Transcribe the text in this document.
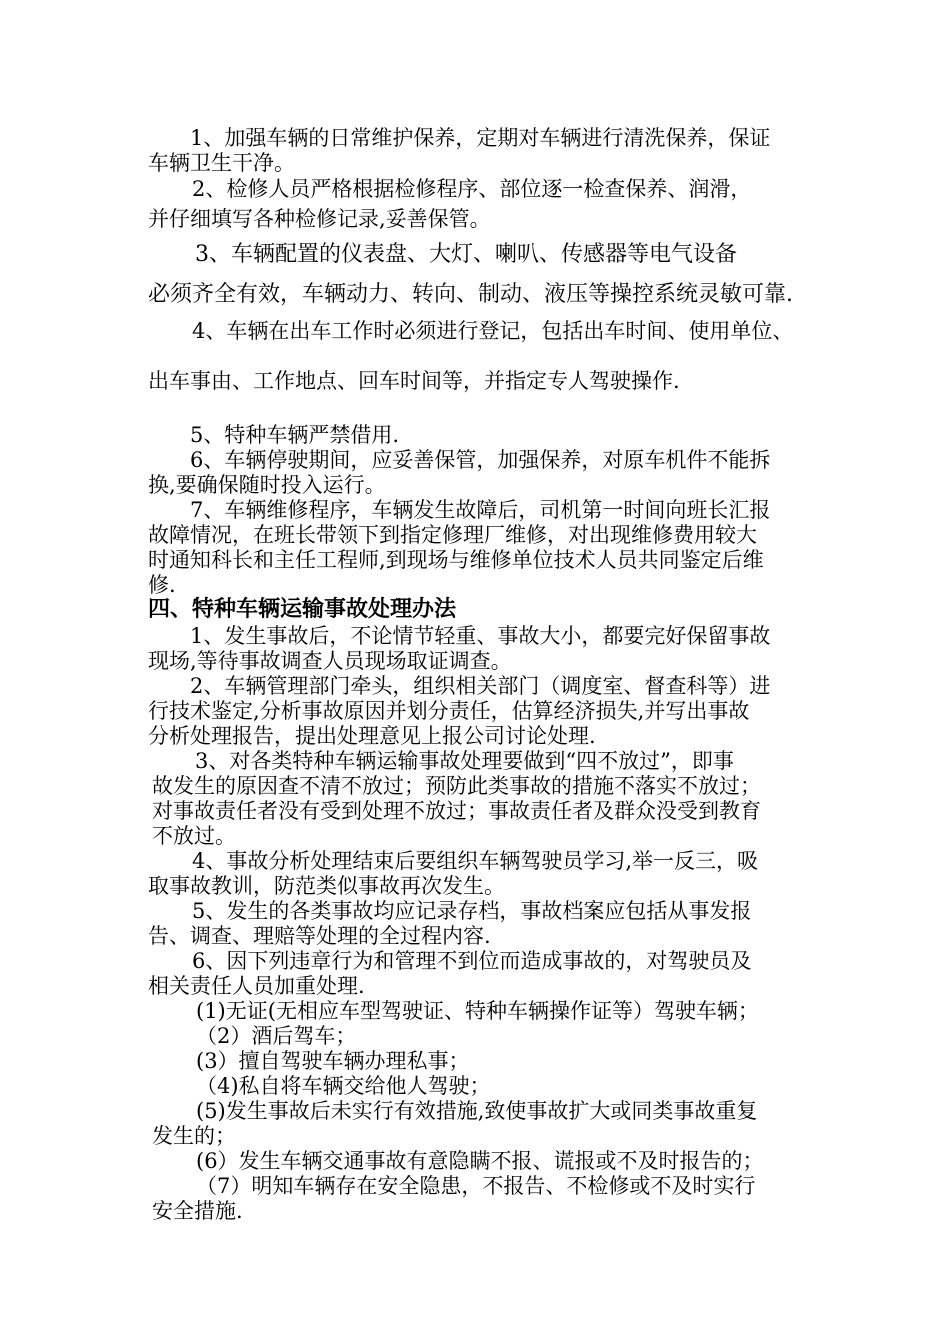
1、加强车辆的日常维护保养，定期对车辆进行清洗保养，保证

车辆卫生干净。

2、检修人员严格根据检修程序、部位逐一检查保养、润滑，

并仔细填写各种检修记录,妥善保管。

3、车辆配置的仪表盘、大灯、喇叭、传感器等电气设备

必须齐全有效，车辆动力、转向、制动、液压等操控系统灵敏可靠.

4、车辆在出车工作时必须进行登记，包括出车时间、使用单位、

出车事由、工作地点、回车时间等，并指定专人驾驶操作.

5、特种车辆严禁借用.

6、车辆停驶期间，应妥善保管，加强保养，对原车机件不能拆

换,要确保随时投入运行。

7、车辆维修程序，车辆发生故障后，司机第一时间向班长汇报

故障情况，在班长带领下到指定修理厂维修，对出现维修费用较大

时通知科长和主任工程师,到现场与维修单位技术人员共同鉴定后维

修.

四、特种车辆运输事故处理办法

1、发生事故后，不论情节轻重、事故大小，都要完好保留事故

现场,等待事故调查人员现场取证调查。

2、车辆管理部门牵头，组织相关部门（调度室、督查科等）进

行技术鉴定,分析事故原因并划分责任，估算经济损失,并写出事故

分析处理报告，提出处理意见上报公司讨论处理.

3、对各类特种车辆运输事故处理要做到“四不放过”，即事

故发生的原因查不清不放过；预防此类事故的措施不落实不放过；

对事故责任者没有受到处理不放过；事故责任者及群众没受到教育

不放过。

4、事故分析处理结束后要组织车辆驾驶员学习,举一反三，吸

取事故教训，防范类似事故再次发生。

5、发生的各类事故均应记录存档，事故档案应包括从事发报

告、调查、理赔等处理的全过程内容.

6、因下列违章行为和管理不到位而造成事故的，对驾驶员及

相关责任人员加重处理.

(1)无证(无相应车型驾驶证、特种车辆操作证等）驾驶车辆；

（2）酒后驾车；

(3）擅自驾驶车辆办理私事；

（4)私自将车辆交给他人驾驶；

(5)发生事故后未实行有效措施,致使事故扩大或同类事故重复

发生的；

(6）发生车辆交通事故有意隐瞒不报、谎报或不及时报告的；

（7）明知车辆存在安全隐患，不报告、不检修或不及时实行

安全措施.
